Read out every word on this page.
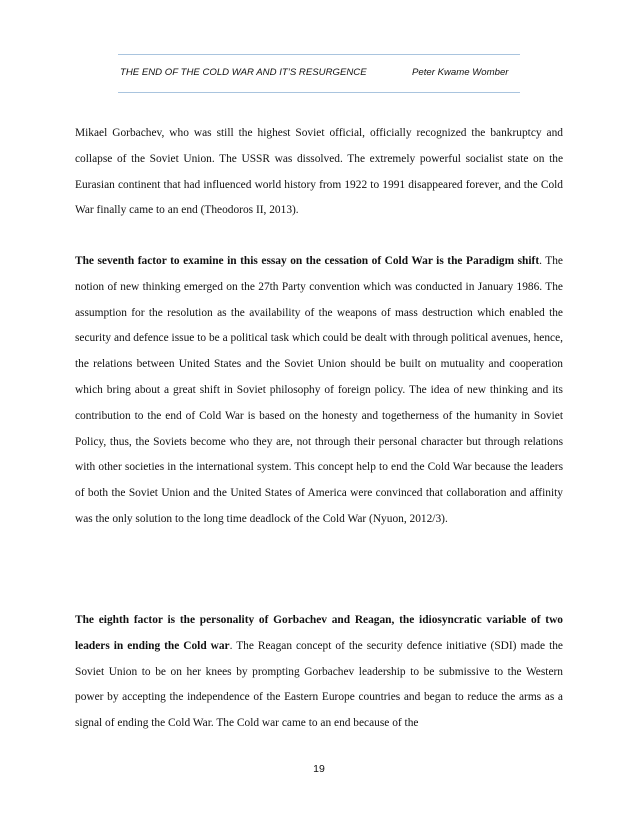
THE END OF THE COLD WAR AND IT’S RESURGENCE	Peter Kwame Womber
Mikael Gorbachev, who was still the highest Soviet official, officially recognized the bankruptcy and collapse of the Soviet Union. The USSR was dissolved. The extremely powerful socialist state on the Eurasian continent that had influenced world history from 1922 to 1991 disappeared forever, and the Cold War finally came to an end (Theodoros II, 2013).
The seventh factor to examine in this essay on the cessation of Cold War is the Paradigm shift. The notion of new thinking emerged on the 27th Party convention which was conducted in January 1986. The assumption for the resolution as the availability of the weapons of mass destruction which enabled the security and defence issue to be a political task which could be dealt with through political avenues, hence, the relations between United States and the Soviet Union should be built on mutuality and cooperation which bring about a great shift in Soviet philosophy of foreign policy. The idea of new thinking and its contribution to the end of Cold War is based on the honesty and togetherness of the humanity in Soviet Policy, thus, the Soviets become who they are, not through their personal character but through relations with other societies in the international system. This concept help to end the Cold War because the leaders of both the Soviet Union and the United States of America were convinced that collaboration and affinity was the only solution to the long time deadlock of the Cold War (Nyuon, 2012/3).
The eighth factor is the personality of Gorbachev and Reagan, the idiosyncratic variable of two leaders in ending the Cold war. The Reagan concept of the security defence initiative (SDI) made the Soviet Union to be on her knees by prompting Gorbachev leadership to be submissive to the Western power by accepting the independence of the Eastern Europe countries and began to reduce the arms as a signal of ending the Cold War. The Cold war came to an end because of the
19
